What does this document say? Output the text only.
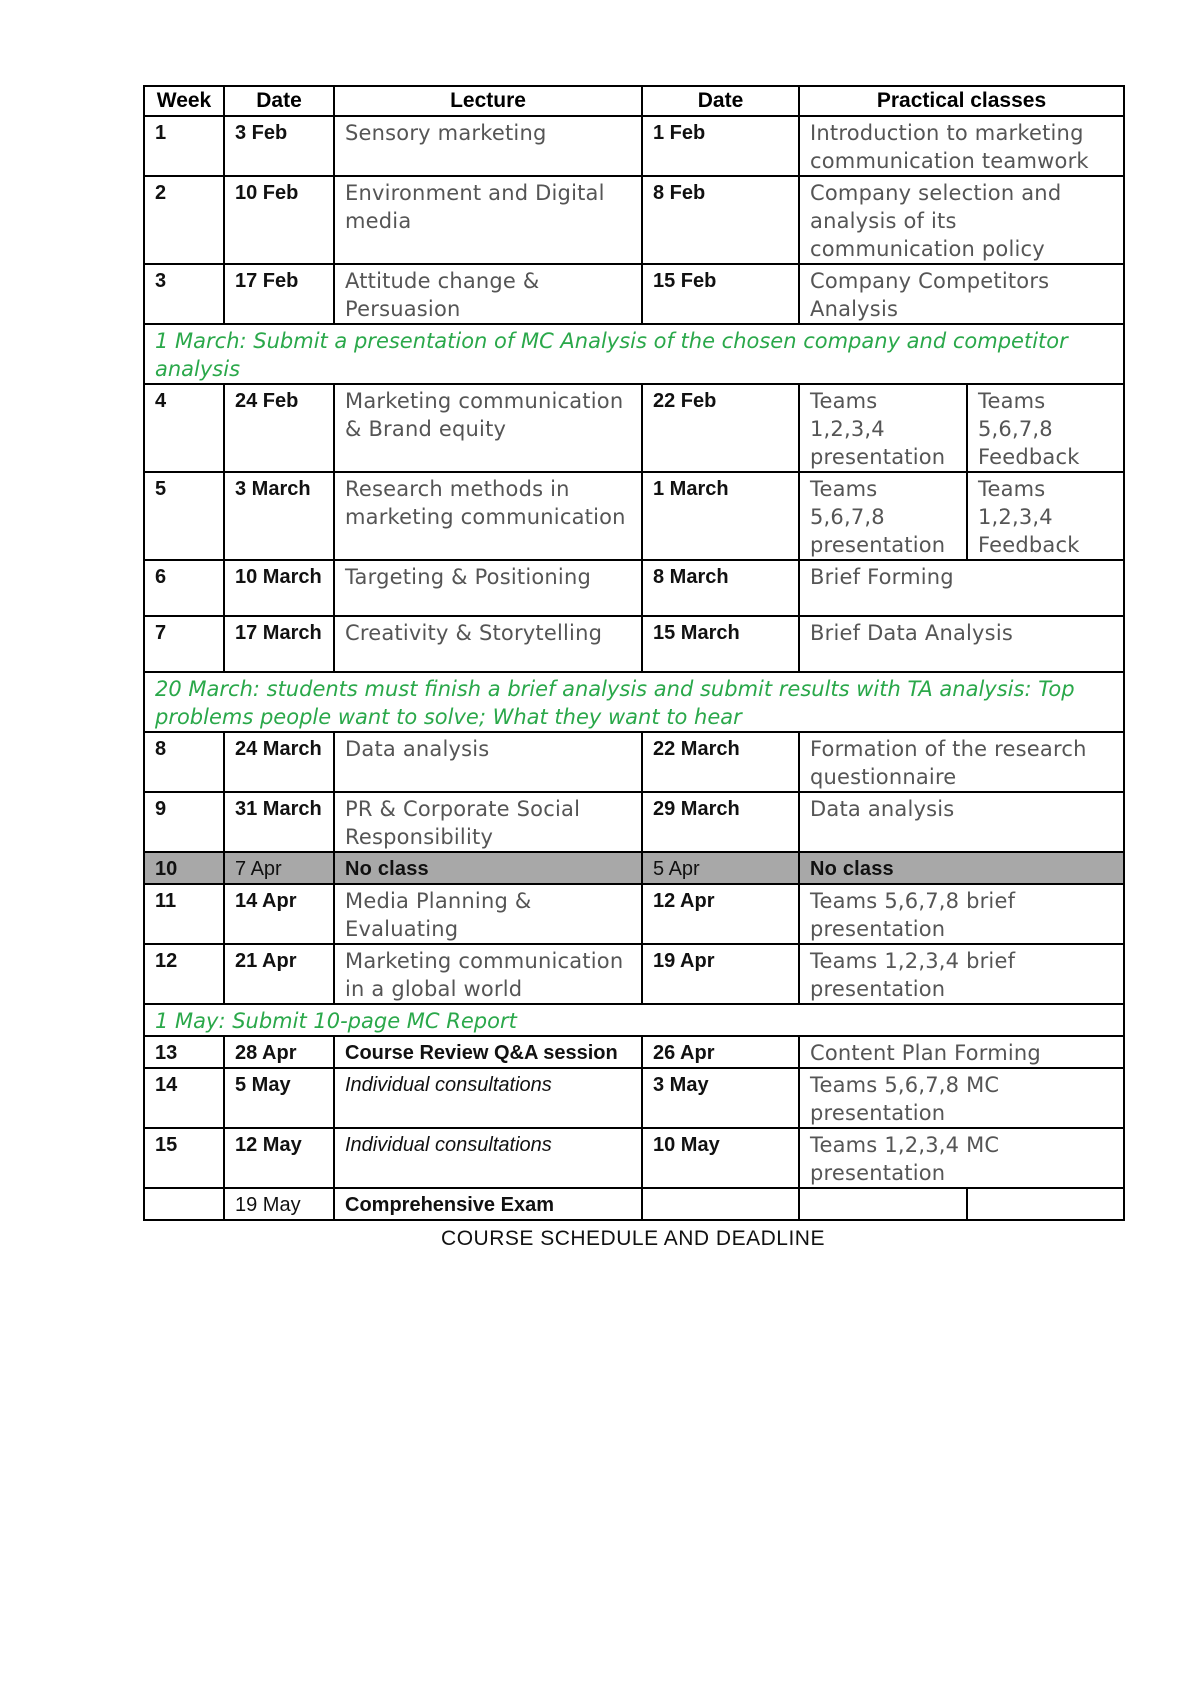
Week	Date	Lecture	Date	Practical classes	
1	3 Feb	Sensory marketing	1 Feb	Introduction to marketing communication teamwork	
2	10 Feb	Environment and Digital media	8 Feb	Company selection and analysis of its communication policy	
3	17 Feb	Attitude change & Persuasion	15 Feb	Company Competitors Analysis	
1 March: Submit a presentation of MC Analysis of the chosen company and competitor analysis					
4	24 Feb	Marketing communication & Brand equity	22 Feb	Teams 1,2,3,4 presentation	Teams 5,6,7,8 Feedback
5	3 March	Research methods in marketing communication	1 March	Teams 5,6,7,8 presentation	Teams 1,2,3,4 Feedback
6	10 March	Targeting & Positioning	8 March	Brief Forming	
7	17 March	Creativity & Storytelling	15 March	Brief Data Analysis	
20 March: students must finish a brief analysis and submit results with TA analysis: Top problems people want to solve; What they want to hear					
8	24 March	Data analysis	22 March	Formation of the research questionnaire	
9	31 March	PR & Corporate Social Responsibility	29 March	Data analysis	
10	7 Apr	No class	5 Apr	No class	
11	14 Apr	Media Planning & Evaluating	12 Apr	Teams 5,6,7,8 brief presentation	
12	21 Apr	Marketing communication in a global world	19 Apr	Teams 1,2,3,4 brief presentation	
1 May: Submit 10-page MC Report					
13	28 Apr	Course Review Q&A session	26 Apr	Content Plan Forming	
14	5 May	Individual consultations	3 May	Teams 5,6,7,8 MC presentation	
15	12 May	Individual consultations	10 May	Teams 1,2,3,4 MC presentation	
	19 May	Comprehensive Exam			
COURSE SCHEDULE AND DEADLINE
